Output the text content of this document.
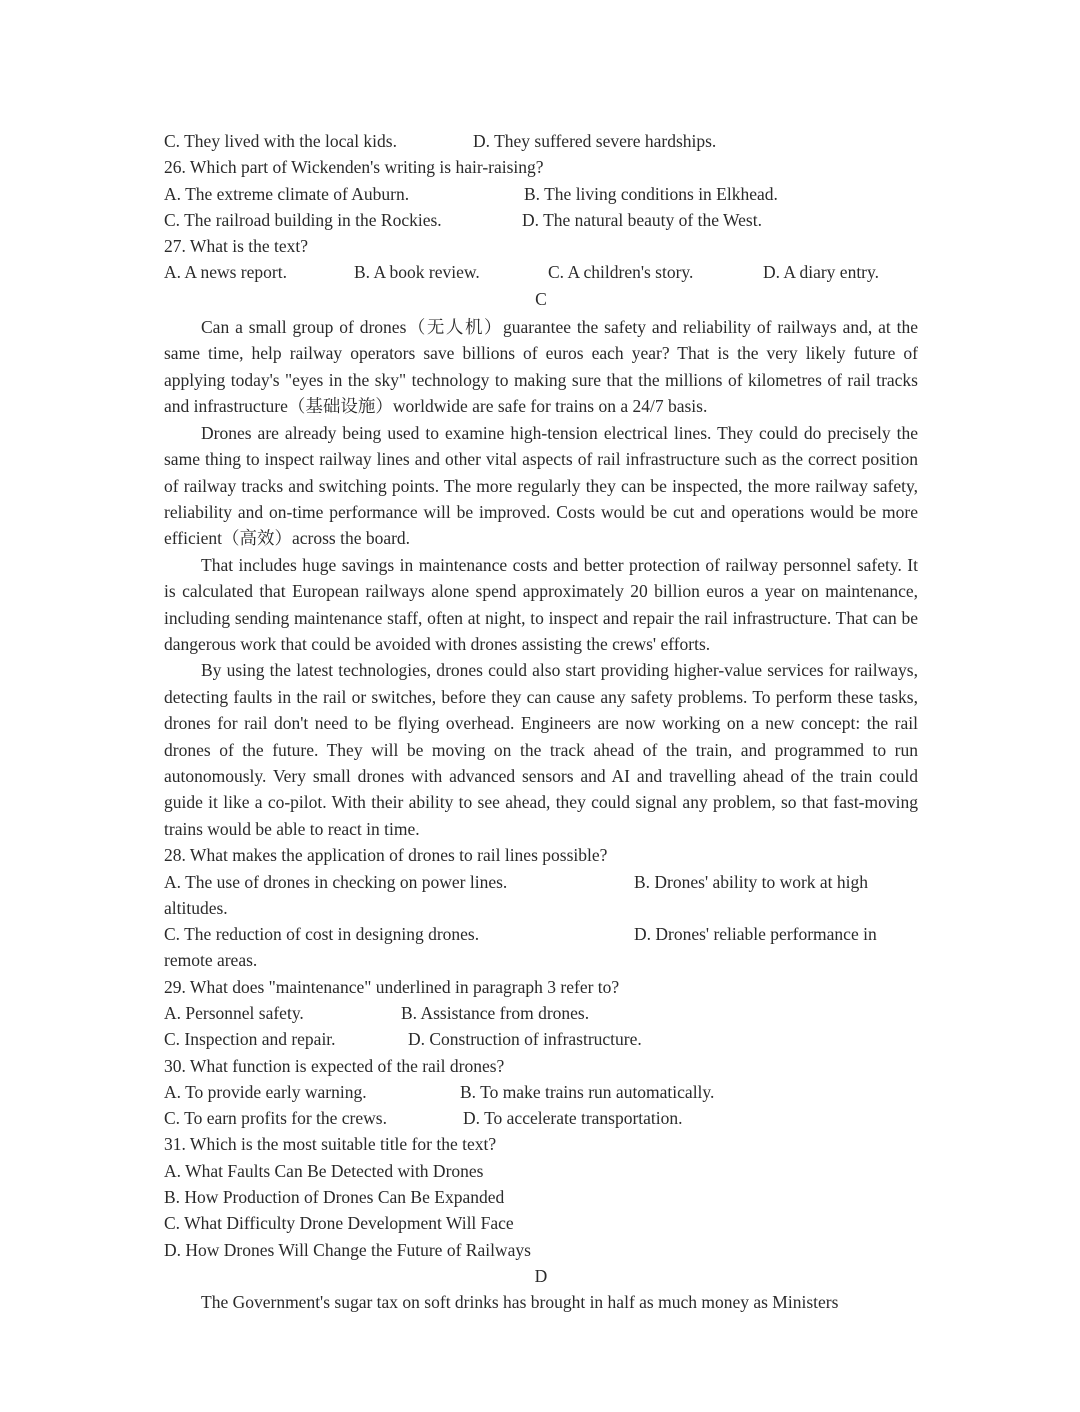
C. They lived with the local kids.	D. They suffered severe hardships.
26. Which part of Wickenden's writing is hair-raising?
A. The extreme climate of Auburn.	B. The living conditions in Elkhead.
C. The railroad building in the Rockies.	D. The natural beauty of the West.
27. What is the text?
A. A news report.	B. A book review.	C. A children's story.	D. A diary entry.
C

Can a small group of drones（无人机）guarantee the safety and reliability of railways and, at the same time, help railway operators save billions of euros each year? That is the very likely future of applying today's "eyes in the sky" technology to making sure that the millions of kilometres of rail tracks and infrastructure（基础设施）worldwide are safe for trains on a 24/7 basis.

Drones are already being used to examine high-tension electrical lines. They could do precisely the same thing to inspect railway lines and other vital aspects of rail infrastructure such as the correct position of railway tracks and switching points. The more regularly they can be inspected, the more railway safety, reliability and on-time performance will be improved. Costs would be cut and operations would be more efficient（高效）across the board.

That includes huge savings in maintenance costs and better protection of railway personnel safety. It is calculated that European railways alone spend approximately 20 billion euros a year on maintenance, including sending maintenance staff, often at night, to inspect and repair the rail infrastructure. That can be dangerous work that could be avoided with drones assisting the crews' efforts.

By using the latest technologies, drones could also start providing higher-value services for railways, detecting faults in the rail or switches, before they can cause any safety problems. To perform these tasks, drones for rail don't need to be flying overhead. Engineers are now working on a new concept: the rail drones of the future. They will be moving on the track ahead of the train, and programmed to run autonomously. Very small drones with advanced sensors and AI and travelling ahead of the train could guide it like a co-pilot. With their ability to see ahead, they could signal any problem, so that fast-moving trains would be able to react in time.

28. What makes the application of drones to rail lines possible?

A. The use of drones in checking on power lines.	B. Drones' ability to work at high altitudes.

C. The reduction of cost in designing drones.	D. Drones' reliable performance in remote areas.

29. What does "maintenance" underlined in paragraph 3 refer to?
A. Personnel safety.	B. Assistance from drones.
C. Inspection and repair.	D. Construction of infrastructure.
30. What function is expected of the rail drones?
A. To provide early warning.	B. To make trains run automatically.
C. To earn profits for the crews.	D. To accelerate transportation.
31. Which is the most suitable title for the text?
A. What Faults Can Be Detected with Drones
B. How Production of Drones Can Be Expanded
C. What Difficulty Drone Development Will Face
D. How Drones Will Change the Future of Railways
D

The Government's sugar tax on soft drinks has brought in half as much money as Ministers
